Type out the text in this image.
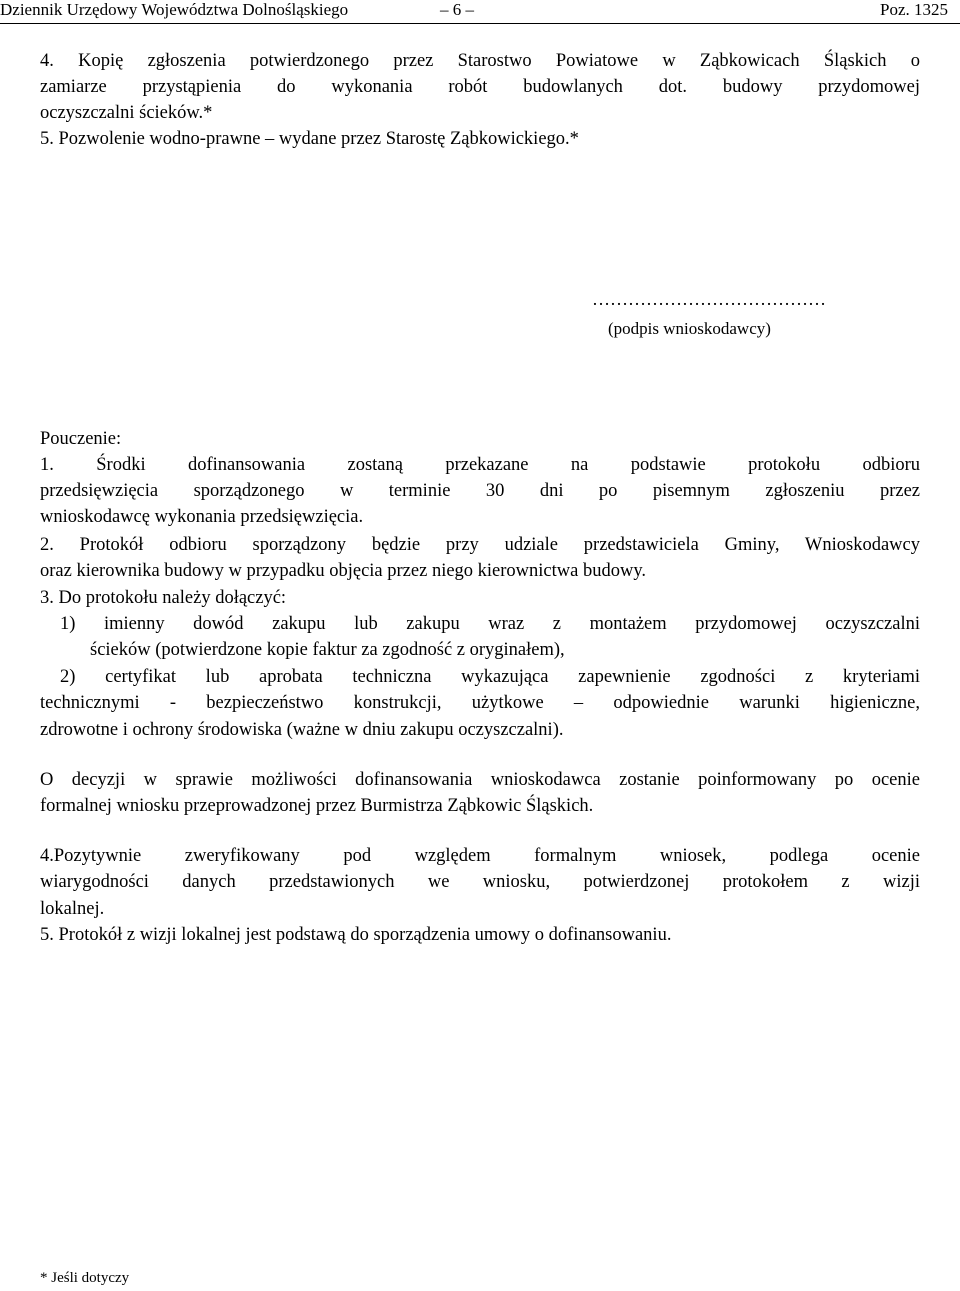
Dziennik Urzędowy Województwa Dolnośląskiego	– 6 –	Poz. 1325
4. Kopię zgłoszenia potwierdzonego przez Starostwo Powiatowe w Ząbkowicach Śląskich o
zamiarze przystąpienia do wykonania robót budowlanych dot. budowy przydomowej
oczyszczalni ścieków.*
5. Pozwolenie wodno-prawne – wydane przez Starostę Ząbkowickiego.*
…………………………………
(podpis wnioskodawcy)
Pouczenie:
1. Środki dofinansowania zostaną przekazane na podstawie protokołu odbioru
przedsięwzięcia sporządzonego w terminie 30 dni po pisemnym zgłoszeniu przez
wnioskodawcę wykonania przedsięwzięcia.
2. Protokół odbioru sporządzony będzie przy udziale przedstawiciela Gminy, Wnioskodawcy
oraz kierownika budowy w przypadku objęcia przez niego kierownictwa budowy.
3. Do protokołu należy dołączyć:
1) imienny dowód zakupu lub zakupu wraz z montażem przydomowej oczyszczalni
ścieków (potwierdzone kopie faktur za zgodność z oryginałem),
2) certyfikat lub aprobata techniczna wykazująca zapewnienie zgodności z kryteriami
technicznymi - bezpieczeństwo konstrukcji, użytkowe – odpowiednie warunki higieniczne,
zdrowotne i ochrony środowiska (ważne w dniu zakupu oczyszczalni).
O decyzji w sprawie możliwości dofinansowania wnioskodawca zostanie poinformowany po ocenie
formalnej wniosku przeprowadzonej przez Burmistrza Ząbkowic Śląskich.
4.Pozytywnie zweryfikowany pod względem formalnym wniosek, podlega ocenie
wiarygodności danych przedstawionych we wniosku, potwierdzonej protokołem z wizji
lokalnej.
5. Protokół z wizji lokalnej jest podstawą do sporządzenia umowy o dofinansowaniu.
* Jeśli dotyczy
